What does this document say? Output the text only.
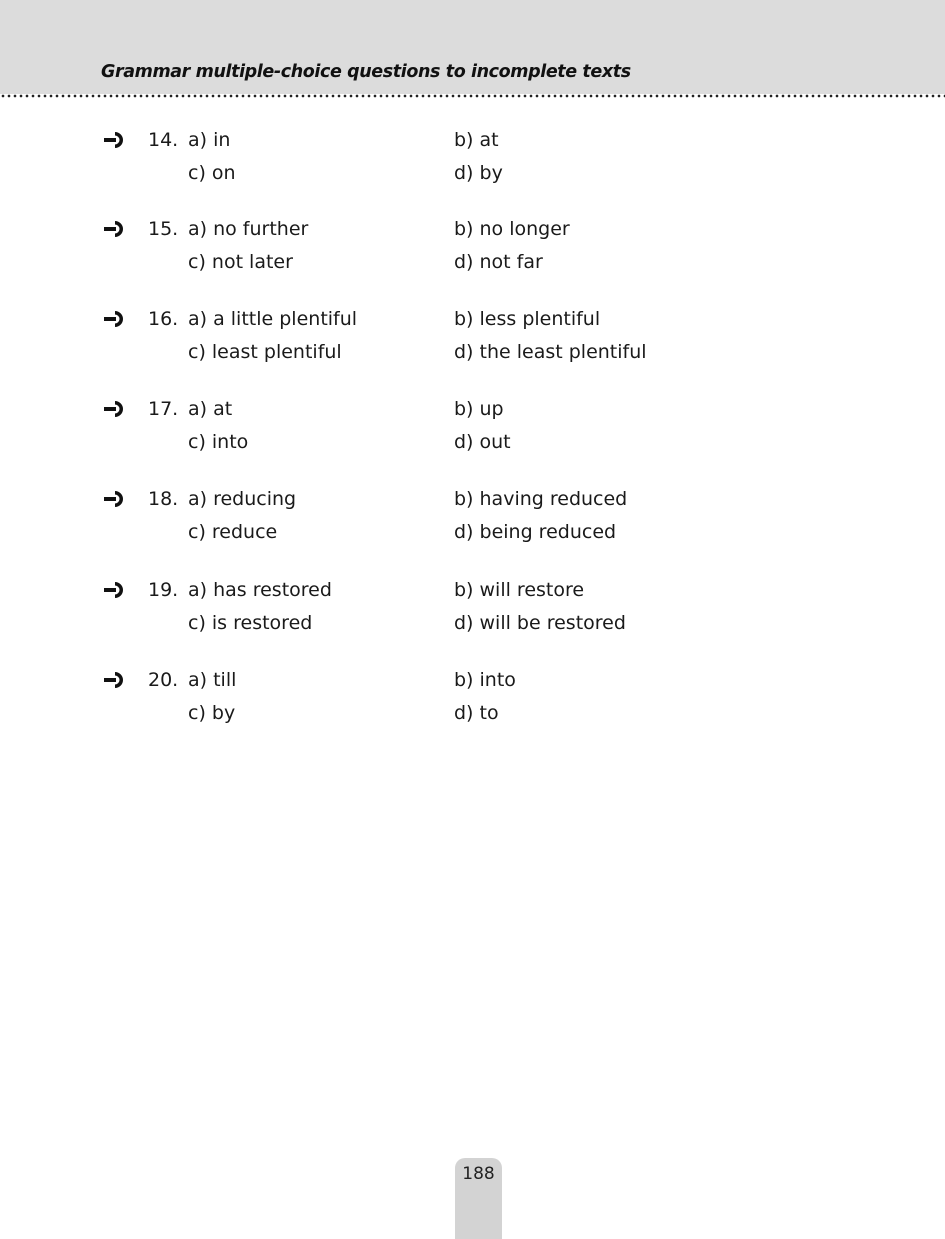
Grammar multiple-choice questions to incomplete texts
14. a) in	b) at
c) on	d) by
15. a) no further	b) no longer
c) not later	d) not far
16. a) a little plentiful	b) less plentiful
c) least plentiful	d) the least plentiful
17. a) at	b) up
c) into	d) out
18. a) reducing	b) having reduced
c) reduce	d) being reduced
19. a) has restored	b) will restore
c) is restored	d) will be restored
20. a) till	b) into
c) by	d) to
188
